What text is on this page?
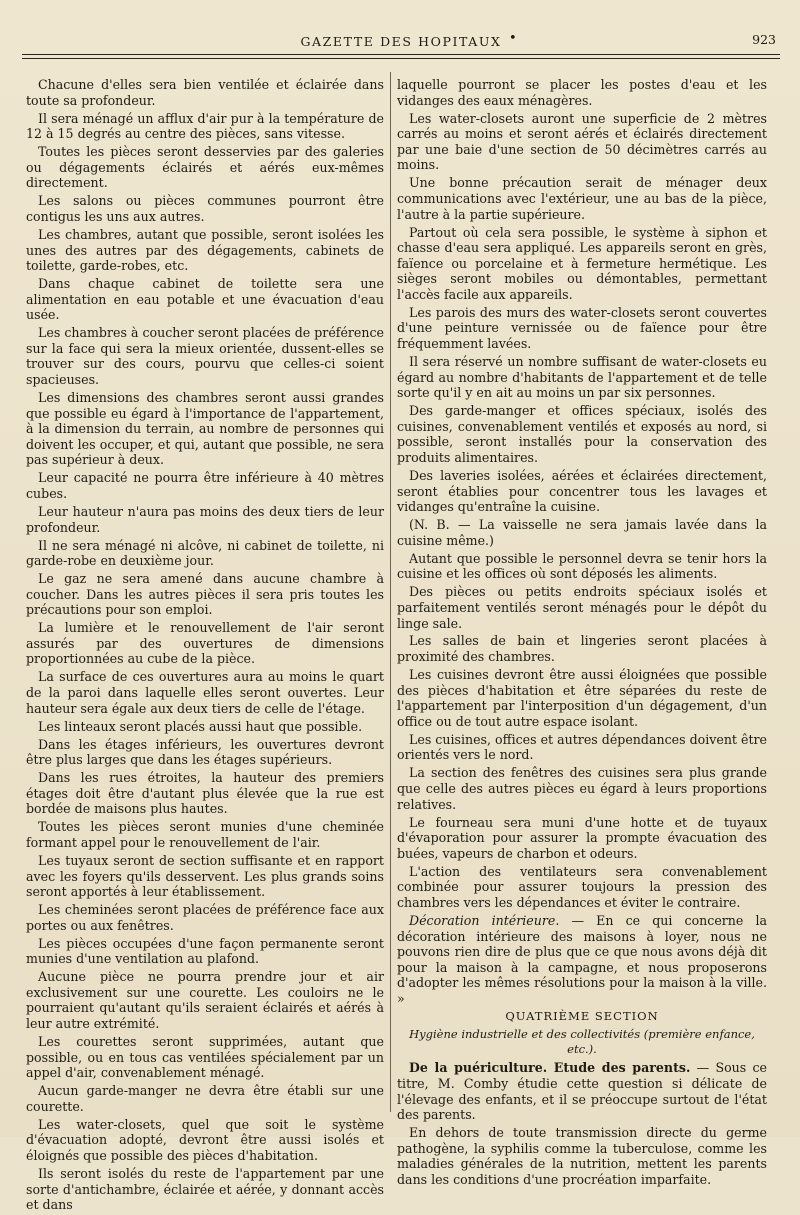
GAZETTE DES HOPITAUX •	923

Chacune d'elles sera bien ventilée et éclairée dans toute sa profondeur.

Il sera ménagé un afflux d'air pur à la température de 12 à 15 degrés au centre des pièces, sans vitesse.

Toutes les pièces seront desservies par des galeries ou dégagements éclairés et aérés eux-mêmes directement.

Les salons ou pièces communes pourront être contigus les uns aux autres.

Les chambres, autant que possible, seront isolées les unes des autres par des dégagements, cabinets de toilette, garde-robes, etc.

Dans chaque cabinet de toilette sera une alimentation en eau potable et une évacuation d'eau usée.

Les chambres à coucher seront placées de préférence sur la face qui sera la mieux orientée, dussent-elles se trouver sur des cours, pourvu que celles-ci soient spacieuses.

Les dimensions des chambres seront aussi grandes que possible eu égard à l'importance de l'appartement, à la dimension du terrain, au nombre de personnes qui doivent les occuper, et qui, autant que possible, ne sera pas supérieur à deux.

Leur capacité ne pourra être inférieure à 40 mètres cubes.

Leur hauteur n'aura pas moins des deux tiers de leur profondeur.

Il ne sera ménagé ni alcôve, ni cabinet de toilette, ni garde-robe en deuxième jour.

Le gaz ne sera amené dans aucune chambre à coucher. Dans les autres pièces il sera pris toutes les précautions pour son emploi.

La lumière et le renouvellement de l'air seront assurés par des ouvertures de dimensions proportionnées au cube de la pièce.

La surface de ces ouvertures aura au moins le quart de la paroi dans laquelle elles seront ouvertes. Leur hauteur sera égale aux deux tiers de celle de l'étage.

Les linteaux seront placés aussi haut que possible.

Dans les étages inférieurs, les ouvertures devront être plus larges que dans les étages supérieurs.

Dans les rues étroites, la hauteur des premiers étages doit être d'autant plus élevée que la rue est bordée de maisons plus hautes.

Toutes les pièces seront munies d'une cheminée formant appel pour le renouvellement de l'air.

Les tuyaux seront de section suffisante et en rapport avec les foyers qu'ils desservent. Les plus grands soins seront apportés à leur établissement.

Les cheminées seront placées de préférence face aux portes ou aux fenêtres.

Les pièces occupées d'une façon permanente seront munies d'une ventilation au plafond.

Aucune pièce ne pourra prendre jour et air exclusivement sur une courette. Les couloirs ne le pourraient qu'autant qu'ils seraient éclairés et aérés à leur autre extrémité.

Les courettes seront supprimées, autant que possible, ou en tous cas ventilées spécialement par un appel d'air, convenablement ménagé.

Aucun garde-manger ne devra être établi sur une courette.

Les water-closets, quel que soit le système d'évacuation adopté, devront être aussi isolés et éloignés que possible des pièces d'habitation.

Ils seront isolés du reste de l'appartement par une sorte d'antichambre, éclairée et aérée, y donnant accès et dans

laquelle pourront se placer les postes d'eau et les vidanges des eaux ménagères.

Les water-closets auront une superficie de 2 mètres carrés au moins et seront aérés et éclairés directement par une baie d'une section de 50 décimètres carrés au moins.

Une bonne précaution serait de ménager deux communications avec l'extérieur, une au bas de la pièce, l'autre à la partie supérieure.

Partout où cela sera possible, le système à siphon et chasse d'eau sera appliqué. Les appareils seront en grès, faïence ou porcelaine et à fermeture hermétique. Les sièges seront mobiles ou démontables, permettant l'accès facile aux appareils.

Les parois des murs des water-closets seront couvertes d'une peinture vernissée ou de faïence pour être fréquemment lavées.

Il sera réservé un nombre suffisant de water-closets eu égard au nombre d'habitants de l'appartement et de telle sorte qu'il y en ait au moins un par six personnes.

Des garde-manger et offices spéciaux, isolés des cuisines, convenablement ventilés et exposés au nord, si possible, seront installés pour la conservation des produits alimentaires.

Des laveries isolées, aérées et éclairées directement, seront établies pour concentrer tous les lavages et vidanges qu'entraîne la cuisine.

(N. B. — La vaisselle ne sera jamais lavée dans la cuisine même.)

Autant que possible le personnel devra se tenir hors la cuisine et les offices où sont déposés les aliments.

Des pièces ou petits endroits spéciaux isolés et parfaitement ventilés seront ménagés pour le dépôt du linge sale.

Les salles de bain et lingeries seront placées à proximité des chambres.

Les cuisines devront être aussi éloignées que possible des pièces d'habitation et être séparées du reste de l'appartement par l'interposition d'un dégagement, d'un office ou de tout autre espace isolant.

Les cuisines, offices et autres dépendances doivent être orientés vers le nord.

La section des fenêtres des cuisines sera plus grande que celle des autres pièces eu égard à leurs proportions relatives.

Le fourneau sera muni d'une hotte et de tuyaux d'évaporation pour assurer la prompte évacuation des buées, vapeurs de charbon et odeurs.

L'action des ventilateurs sera convenablement combinée pour assurer toujours la pression des chambres vers les dépendances et éviter le contraire.

Décoration intérieure. — En ce qui concerne la décoration intérieure des maisons à loyer, nous ne pouvons rien dire de plus que ce que nous avons déjà dit pour la maison à la campagne, et nous proposerons d'adopter les mêmes résolutions pour la maison à la ville. »

QUATRIÈME SECTION

Hygiène industrielle et des collectivités (première enfance, etc.).

De la puériculture. Etude des parents. — Sous ce titre, M. Comby étudie cette question si délicate de l'élevage des enfants, et il se préoccupe surtout de l'état des parents.

En dehors de toute transmission directe du germe pathogène, la syphilis comme la tuberculose, comme les maladies générales de la nutrition, mettent les parents dans les conditions d'une procréation imparfaite.
